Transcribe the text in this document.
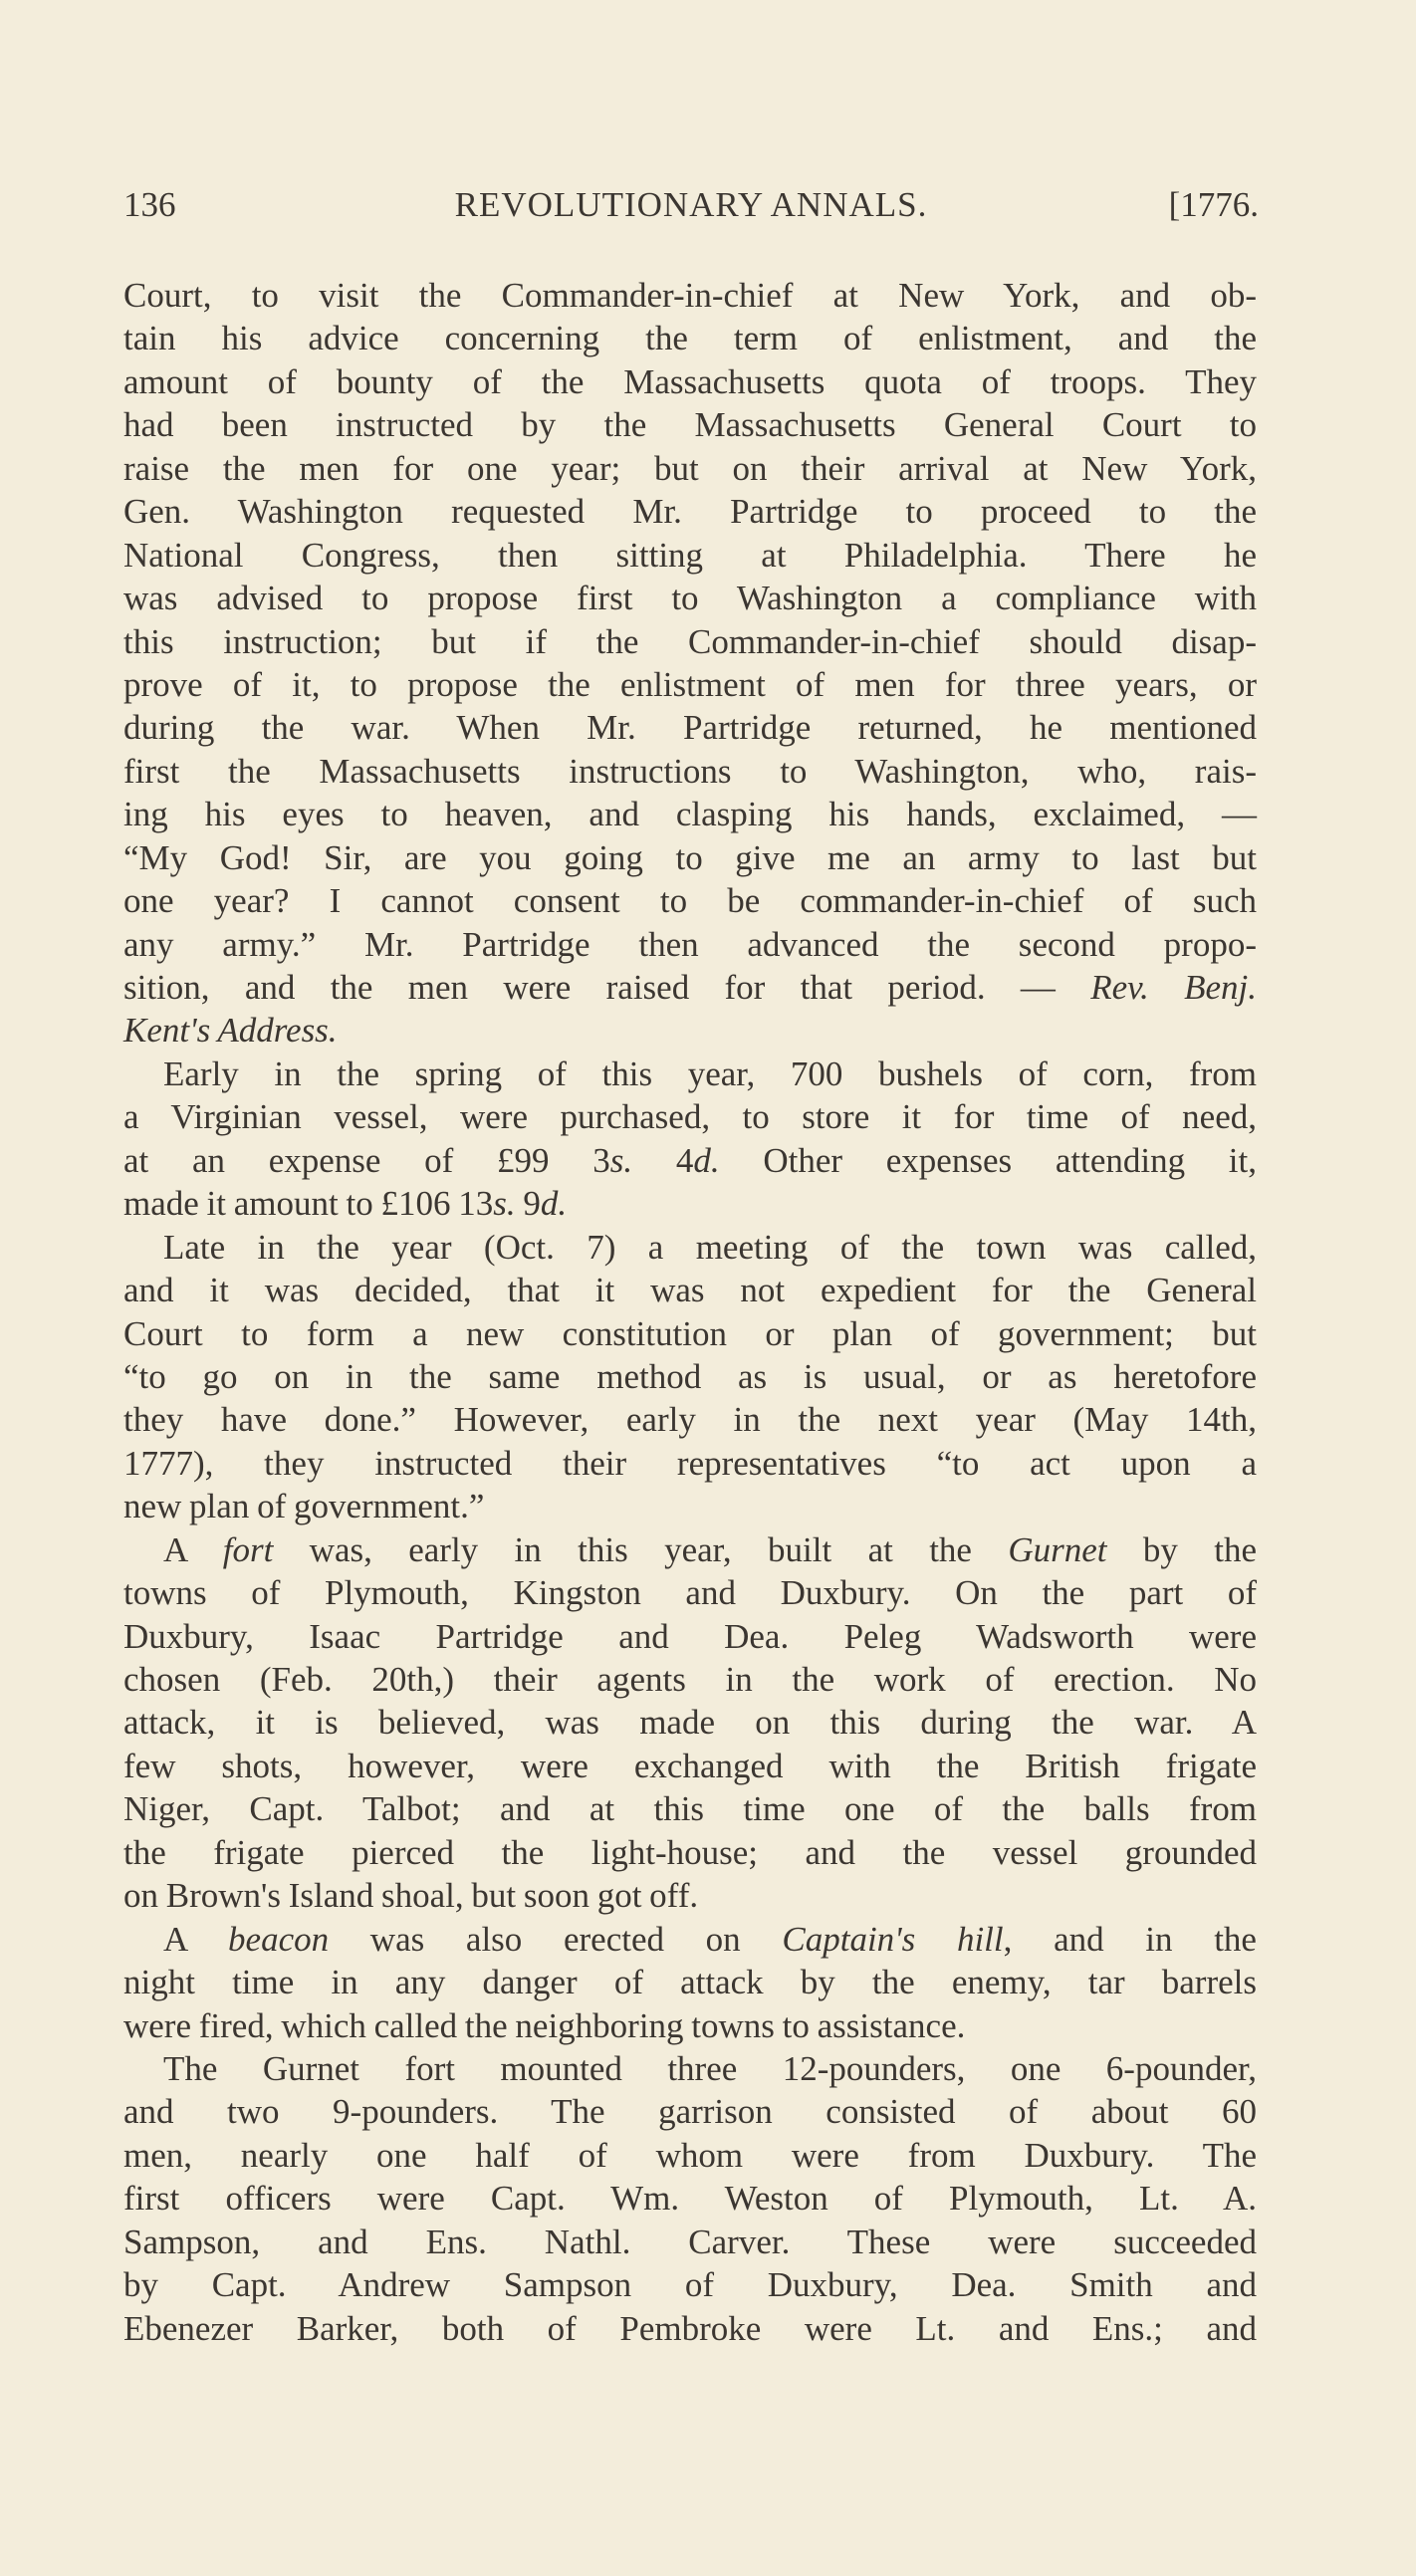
136	REVOLUTIONARY ANNALS.	[1776.
Court, to visit the Commander-in-chief at New York, and ob-
tain his advice concerning the term of enlistment, and the
amount of bounty of the Massachusetts quota of troops. They
had been instructed by the Massachusetts General Court to
raise the men for one year; but on their arrival at New York,
Gen. Washington requested Mr. Partridge to proceed to the
National Congress, then sitting at Philadelphia. There he
was advised to propose first to Washington a compliance with
this instruction; but if the Commander-in-chief should disap-
prove of it, to propose the enlistment of men for three years, or
during the war. When Mr. Partridge returned, he mentioned
first the Massachusetts instructions to Washington, who, rais-
ing his eyes to heaven, and clasping his hands, exclaimed, —
“My God! Sir, are you going to give me an army to last but
one year? I cannot consent to be commander-in-chief of such
any army.” Mr. Partridge then advanced the second propo-
sition, and the men were raised for that period. — Rev. Benj.
Kent's Address.
Early in the spring of this year, 700 bushels of corn, from
a Virginian vessel, were purchased, to store it for time of need,
at an expense of £99 3s. 4d. Other expenses attending it,
made it amount to £106 13s. 9d.
Late in the year (Oct. 7) a meeting of the town was called,
and it was decided, that it was not expedient for the General
Court to form a new constitution or plan of government; but
“to go on in the same method as is usual, or as heretofore
they have done.” However, early in the next year (May 14th,
1777), they instructed their representatives “to act upon a
new plan of government.”
A fort was, early in this year, built at the Gurnet by the
towns of Plymouth, Kingston and Duxbury. On the part of
Duxbury, Isaac Partridge and Dea. Peleg Wadsworth were
chosen (Feb. 20th,) their agents in the work of erection. No
attack, it is believed, was made on this during the war. A
few shots, however, were exchanged with the British frigate
Niger, Capt. Talbot; and at this time one of the balls from
the frigate pierced the light-house; and the vessel grounded
on Brown's Island shoal, but soon got off.
A beacon was also erected on Captain's hill, and in the
night time in any danger of attack by the enemy, tar barrels
were fired, which called the neighboring towns to assistance.
The Gurnet fort mounted three 12-pounders, one 6-pounder,
and two 9-pounders. The garrison consisted of about 60
men, nearly one half of whom were from Duxbury. The
first officers were Capt. Wm. Weston of Plymouth, Lt. A.
Sampson, and Ens. Nathl. Carver. These were succeeded
by Capt. Andrew Sampson of Duxbury, Dea. Smith and
Ebenezer Barker, both of Pembroke were Lt. and Ens.; and
